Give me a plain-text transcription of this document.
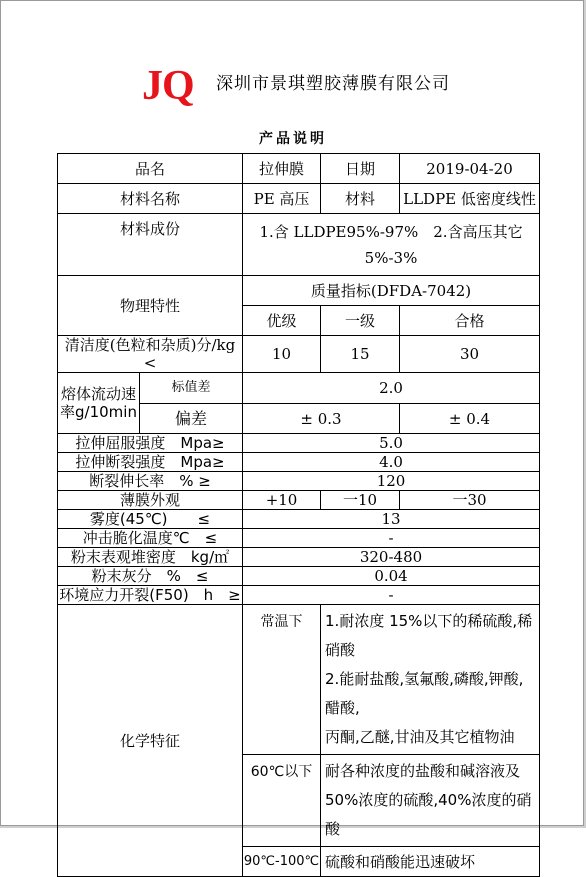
JQ 深圳市景琪塑胶薄膜有限公司
产品说明
品名		拉伸膜	日期	2019-04-20
材料名称		PE 高压	材料	LLDPE 低密度线性
材料成份		1.含 LLDPE95%-97%　2.含高压其它
5%-3%		

物理特性		质量指标(DFDA-7042)		
		优级	一级	合格
清洁度(色粒和杂质)分/kg　<		10	15	30
熔体流动速率g/10min	标值差	2.0		
	偏差	± 0.3		± 0.4
拉伸屈服强度　Mpa≥		5.0		
拉伸断裂强度　Mpa≥		4.0		
断裂伸长率　% ≥		120		
薄膜外观		+10	一10	一30
雾度(45℃)　　≤		13		
冲击脆化温度℃　≤		-		
粉末表观堆密度　kg/㎡		320-480		
粉末灰分　%　≤		0.04		
环境应力开裂(F50)　h　≥		-		
化学特征		常温下	1.耐浓度 15%以下的稀硫酸,稀硝酸
2.能耐盐酸,氢氟酸,磷酸,钾酸,醋酸,
丙酮,乙醚,甘油及其它植物油	

		60℃以下	耐各种浓度的盐酸和碱溶液及
50%浓度的硫酸,40%浓度的硝酸	

		90℃-100℃	硫酸和硝酸能迅速破坏	
